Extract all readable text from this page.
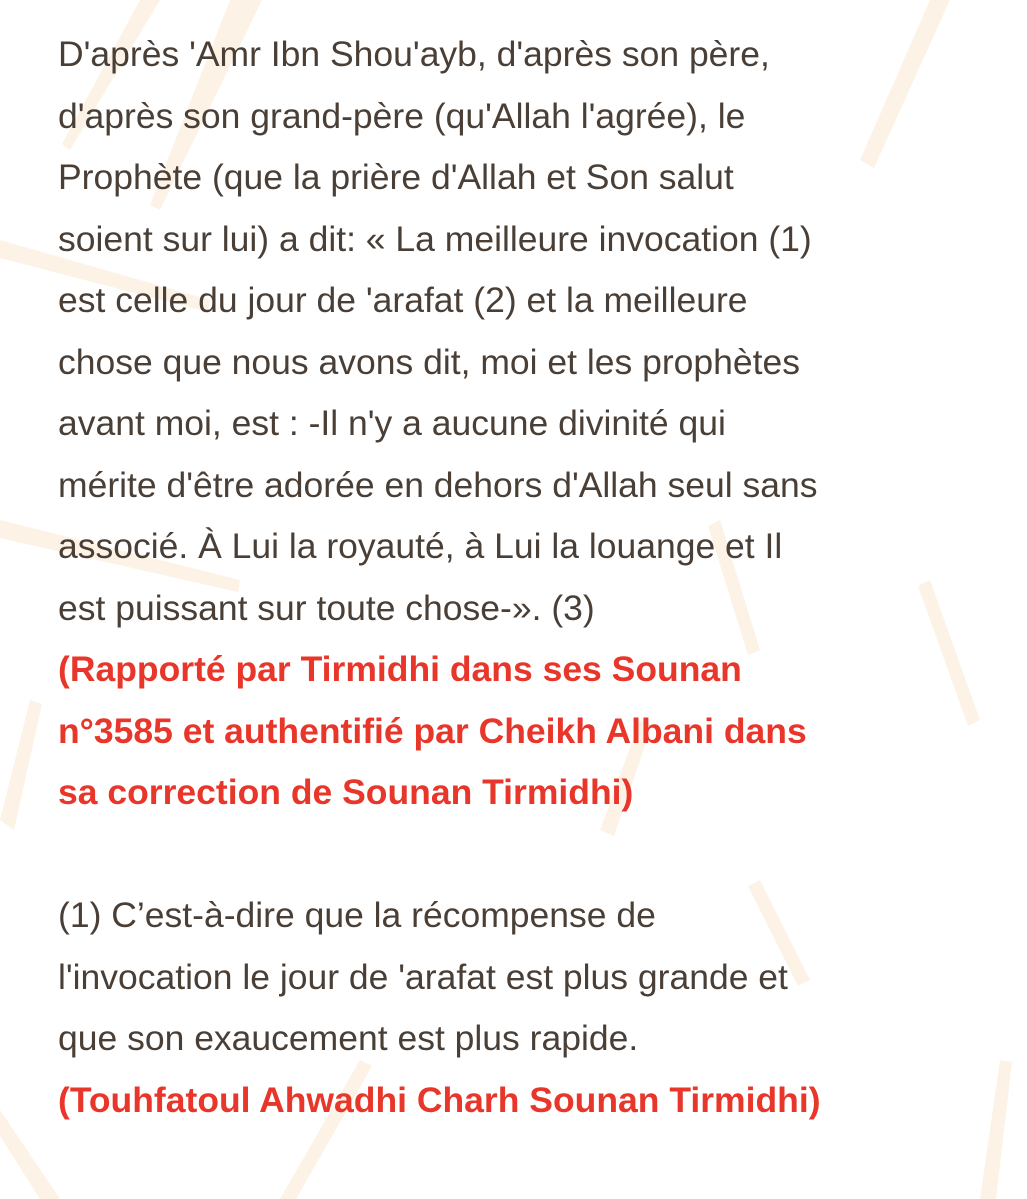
D'après 'Amr Ibn Shou'ayb, d'après son père,
d'après son grand-père (qu'Allah l'agrée), le
Prophète (que la prière d'Allah et Son salut
soient sur lui) a dit: « La meilleure invocation (1)
est celle du jour de 'arafat (2) et la meilleure
chose que nous avons dit, moi et les prophètes
avant moi, est : -Il n'y a aucune divinité qui
mérite d'être adorée en dehors d'Allah seul sans
associé. À Lui la royauté, à Lui la louange et Il
est puissant sur toute chose-». (3)
(Rapporté par Tirmidhi dans ses Sounan
n°3585 et authentifié par Cheikh Albani dans
sa correction de Sounan Tirmidhi)
(1) C’est-à-dire que la récompense de
l'invocation le jour de 'arafat est plus grande et
que son exaucement est plus rapide.
(Touhfatoul Ahwadhi Charh Sounan Tirmidhi)
